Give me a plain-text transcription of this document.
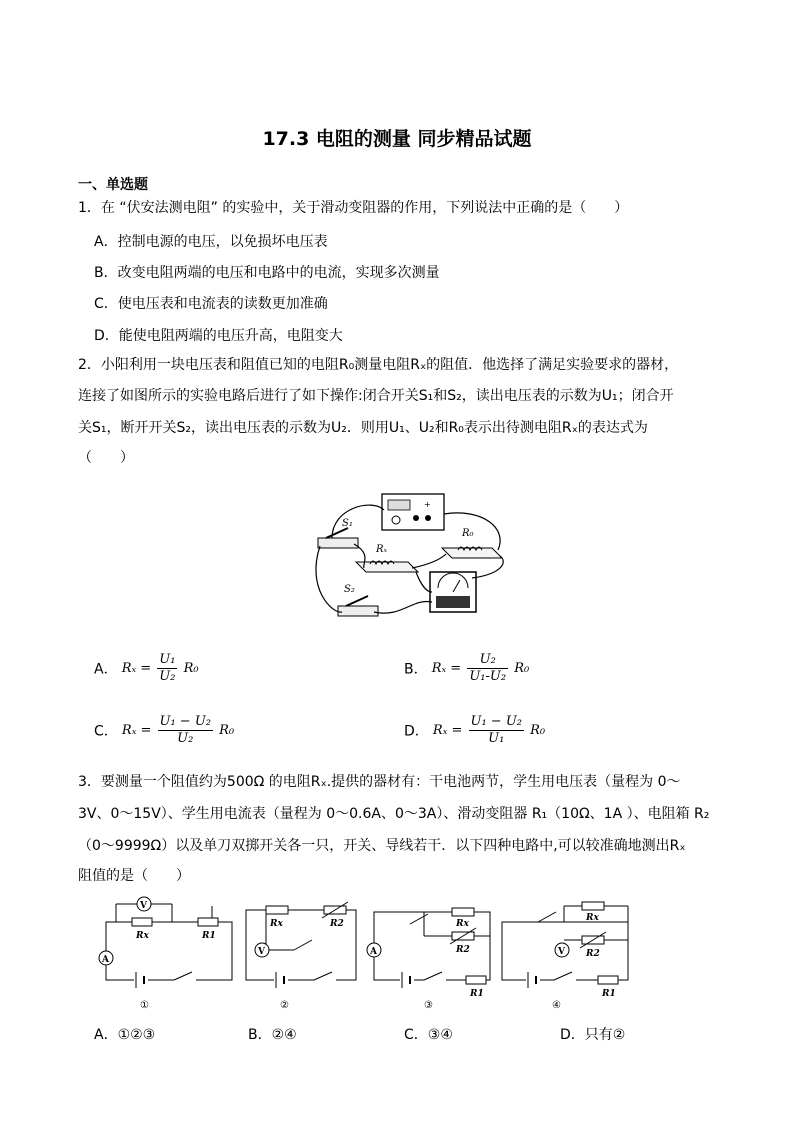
17.3 电阻的测量 同步精品试题
一、单选题
1．在 “伏安法测电阻” 的实验中，关于滑动变阻器的作用，下列说法中正确的是（　　）
A．控制电源的电压，以免损坏电压表
B．改变电阻两端的电压和电路中的电流，实现多次测量
C．使电压表和电流表的读数更加准确
D．能使电阻两端的电压升高，电阻变大
2．小阳利用一块电压表和阻值已知的电阻R₀测量电阻Rₓ的阻值．他选择了满足实验要求的器材，
连接了如图所示的实验电路后进行了如下操作:闭合开关S₁和S₂，读出电压表的示数为U₁；闭合开
关S₁，断开开关S₂，读出电压表的示数为U₂．则用U₁、U₂和R₀表示出待测电阻Rₓ的表达式为
（　　）
+
S₁
Rₓ
R₀
S₂
A． $R_x = \frac{\text{U₁}}{\text{U₂}} R_0$	B． $R_x = \frac{\text{U₂}}{\text{U₁-U₂}} R_0$
C． $R_x = \frac{\text{U₁ − U₂}}{\text{U₂}} R_0$	D． $R_x = \frac{\text{U₁ − U₂}}{\text{U₁}} R_0$
3．要测量一个阻值约为500Ω 的电阻Rₓ.提供的器材有：干电池两节，学生用电压表（量程为 0～
3V、0～15V）、学生用电流表（量程为 0～0.6A、0～3A）、滑动变阻器 R₁（10Ω、1A ）、电阻箱 R₂
（0～9999Ω）以及单刀双掷开关各一只，开关、导线若干．以下四种电路中,可以较准确地测出Rₓ
阻值的是（　　）
V
Rx	R1
A
①
Rx	R2
V
②
Rx
R2
A
R1
③
Rx
R2
V
R1
④
A．①②③	B．②④	C．③④	D．只有②
